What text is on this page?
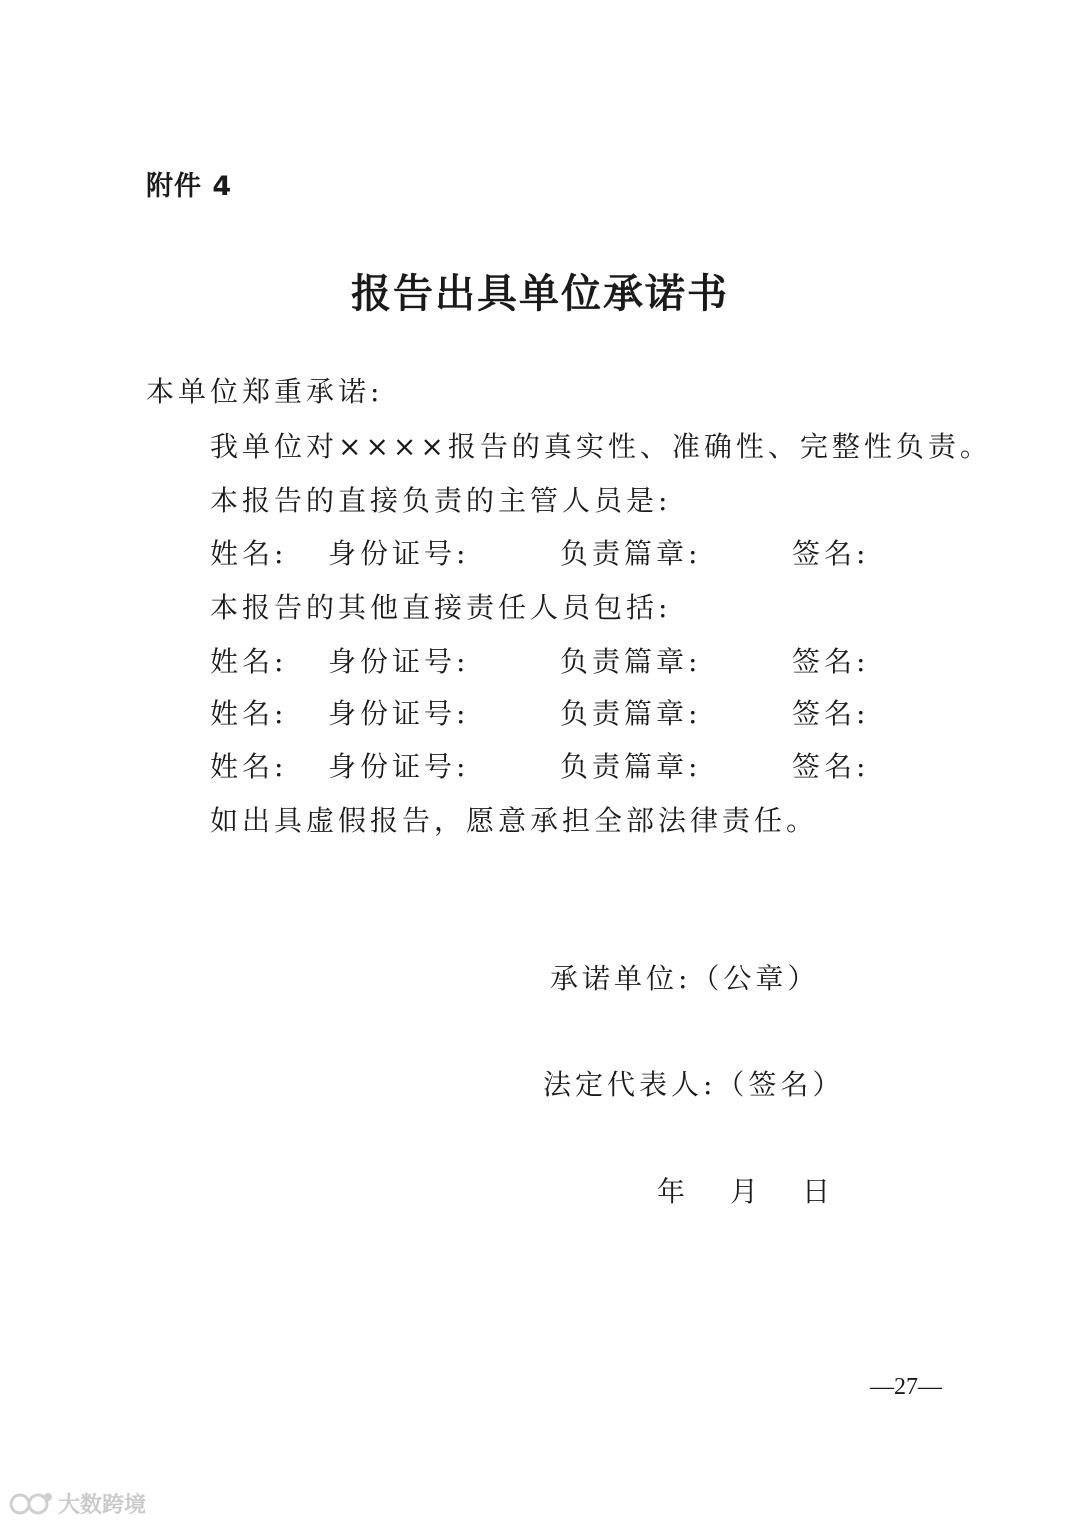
附件 4
报告出具单位承诺书
本单位郑重承诺:
我单位对××××报告的真实性、准确性、完整性负责。
本报告的直接负责的主管人员是:
姓名: 身份证号:	负责篇章:	签名:
本报告的其他直接责任人员包括:
姓名: 身份证号:	负责篇章:	签名:
姓名: 身份证号:	负责篇章:	签名:
姓名: 身份证号:	负责篇章:	签名:
如出具虚假报告，愿意承担全部法律责任。
承诺单位:（公章）
法定代表人:（签名）
年 月 日
—27—
大数跨境
